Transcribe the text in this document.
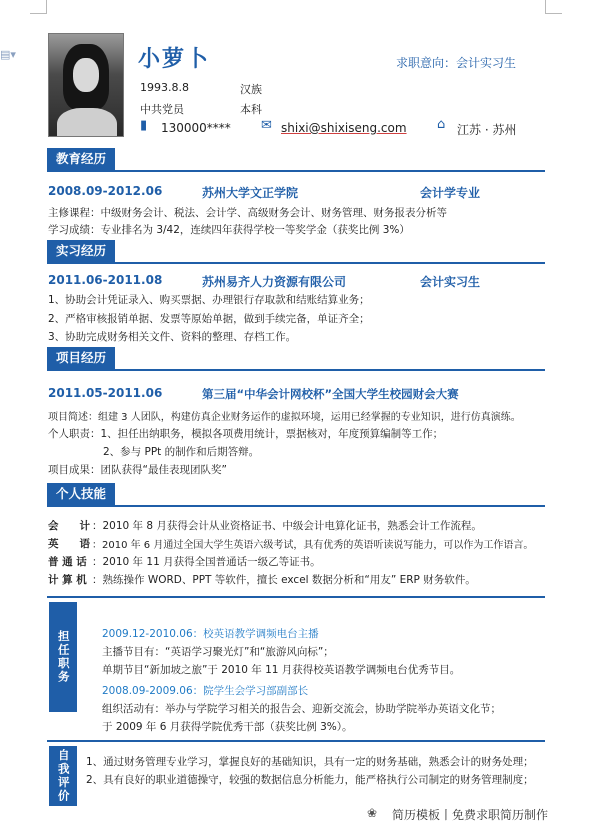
▤▾	小萝卜	求职意向：会计实习生
1993.8.8	汉族
中共党员	本科
▮ 130000**** ✉ shixi@shixiseng.com ⌂ 江苏 · 苏州
教育经历
2008.09-2012.06	苏州大学文正学院	会计学专业
主修课程：中级财务会计、税法、会计学、高级财务会计、财务管理、财务报表分析等
学习成绩：专业排名为 3/42，连续四年获得学校一等奖学金（获奖比例 3%）
实习经历
2011.06-2011.08	苏州易齐人力资源有限公司	会计实习生
1、协助会计凭证录入、购买票据、办理银行存取款和结账结算业务；
2、严格审核报销单据、发票等原始单据，做到手续完备，单证齐全；
3、协助完成财务相关文件、资料的整理、存档工作。
项目经历
2011.05-2011.06	第三届“中华会计网校杯”全国大学生校园财会大赛
项目简述：组建 3 人团队，构建仿真企业财务运作的虚拟环境，运用已经掌握的专业知识，进行仿真演练。
个人职责：1、担任出纳职务，模拟各项费用统计，票据核对，年度预算编制等工作；
2、参与 PPt 的制作和后期答辩。
项目成果：团队获得“最佳表现团队奖”
个人技能
会　　计 ：2010 年 8 月获得会计从业资格证书、中级会计电算化证书，熟悉会计工作流程。
英　　语 ：2010 年 6 月通过全国大学生英语六级考试，具有优秀的英语听读说写能力，可以作为工作语言。
普 通 话 ：2010 年 11 月获得全国普通话一级乙等证书。
计 算 机 ：熟练操作 WORD、PPT 等软件，擅长 excel 数据分析和“用友” ERP 财务软件。
担任职务	2009.12-2010.06：校英语教学调频电台主播
主播节目有：“英语学习聚光灯”和“旅游风向标”；
单期节目“新加坡之旅”于 2010 年 11 月获得校英语教学调频电台优秀节目。
2008.09-2009.06：院学生会学习部副部长
组织活动有：举办与学院学习相关的报告会、迎新交流会，协助学院举办英语文化节；
于 2009 年 6 月获得学院优秀干部（获奖比例 3%）。
自我评价	1、通过财务管理专业学习，掌握良好的基础知识，具有一定的财务基础，熟悉会计的财务处理；
2、具有良好的职业道德操守，较强的数据信息分析能力，能严格执行公司制定的财务管理制度；
❀	简历模板丨免费求职简历制作
